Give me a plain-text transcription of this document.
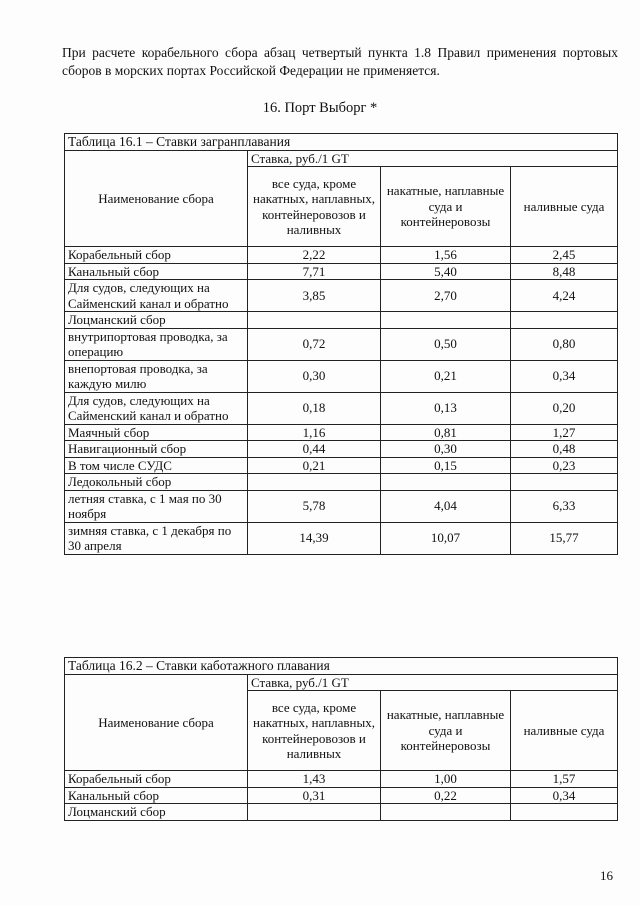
При расчете корабельного сбора абзац четвертый пункта 1.8 Правил применения портовых сборов в морских портах Российской Федерации не применяется.

16. Порт Выборг *
Таблица 16.1 – Ставки загранплавания			
Наименование сбора	Ставка, руб./1 GT		
	все суда, кроме накатных, наплавных, контейнеровозов и наливных	накатные, наплавные суда и контейнеровозы	наливные суда
Корабельный сбор	2,22	1,56	2,45
Канальный сбор	7,71	5,40	8,48
Для судов, следующих на Сайменский канал и обратно	3,85	2,70	4,24
Лоцманский сбор			
внутрипортовая проводка, за операцию	0,72	0,50	0,80
внепортовая проводка, за каждую милю	0,30	0,21	0,34
Для судов, следующих на Сайменский канал и обратно	0,18	0,13	0,20
Маячный сбор	1,16	0,81	1,27
Навигационный сбор	0,44	0,30	0,48
В том числе СУДС	0,21	0,15	0,23
Ледокольный сбор			
летняя ставка, с 1 мая по 30 ноября	5,78	4,04	6,33
зимняя ставка, с 1 декабря по 30 апреля	14,39	10,07	15,77
Таблица 16.2 – Ставки каботажного плавания			
Наименование сбора	Ставка, руб./1 GT		
	все суда, кроме накатных, наплавных, контейнеровозов и наливных	накатные, наплавные суда и контейнеровозы	наливные суда
Корабельный сбор	1,43	1,00	1,57
Канальный сбор	0,31	0,22	0,34
Лоцманский сбор			
16
